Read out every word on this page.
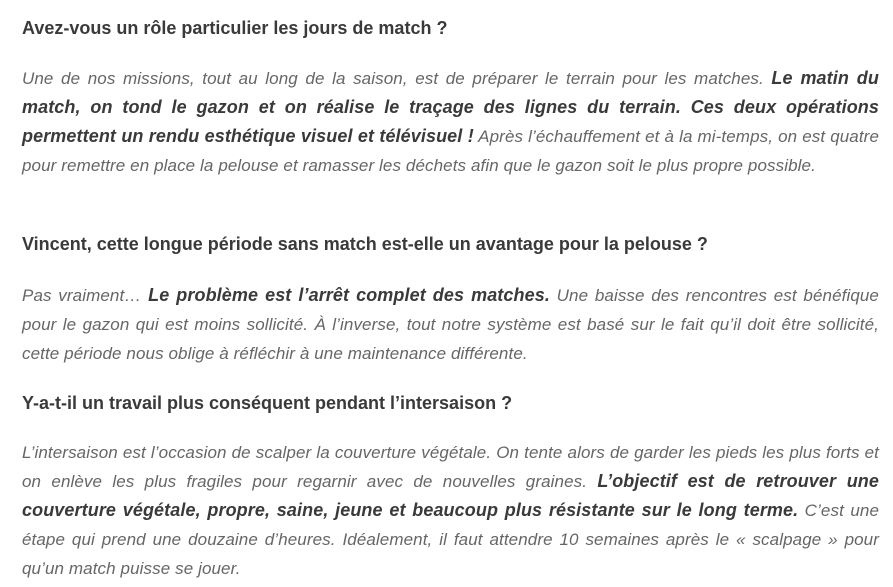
Avez-vous un rôle particulier les jours de match ?

Une de nos missions, tout au long de la saison, est de préparer le terrain pour les matches. Le matin du match, on tond le gazon et on réalise le traçage des lignes du terrain. Ces deux opérations permettent un rendu esthétique visuel et télévisuel ! Après l’échauffement et à la mi-temps, on est quatre pour remettre en place la pelouse et ramasser les déchets afin que le gazon soit le plus propre possible.

Vincent, cette longue période sans match est-elle un avantage pour la pelouse ?

Pas vraiment… Le problème est l’arrêt complet des matches. Une baisse des rencontres est bénéfique pour le gazon qui est moins sollicité. À l’inverse, tout notre système est basé sur le fait qu’il doit être sollicité, cette période nous oblige à réfléchir à une maintenance différente.

Y-a-t-il un travail plus conséquent pendant l’intersaison ?

L’intersaison est l’occasion de scalper la couverture végétale. On tente alors de garder les pieds les plus forts et on enlève les plus fragiles pour regarnir avec de nouvelles graines. L’objectif est de retrouver une couverture végétale, propre, saine, jeune et beaucoup plus résistante sur le long terme. C’est une étape qui prend une douzaine d’heures. Idéalement, il faut attendre 10 semaines après le « scalpage » pour qu’un match puisse se jouer.
